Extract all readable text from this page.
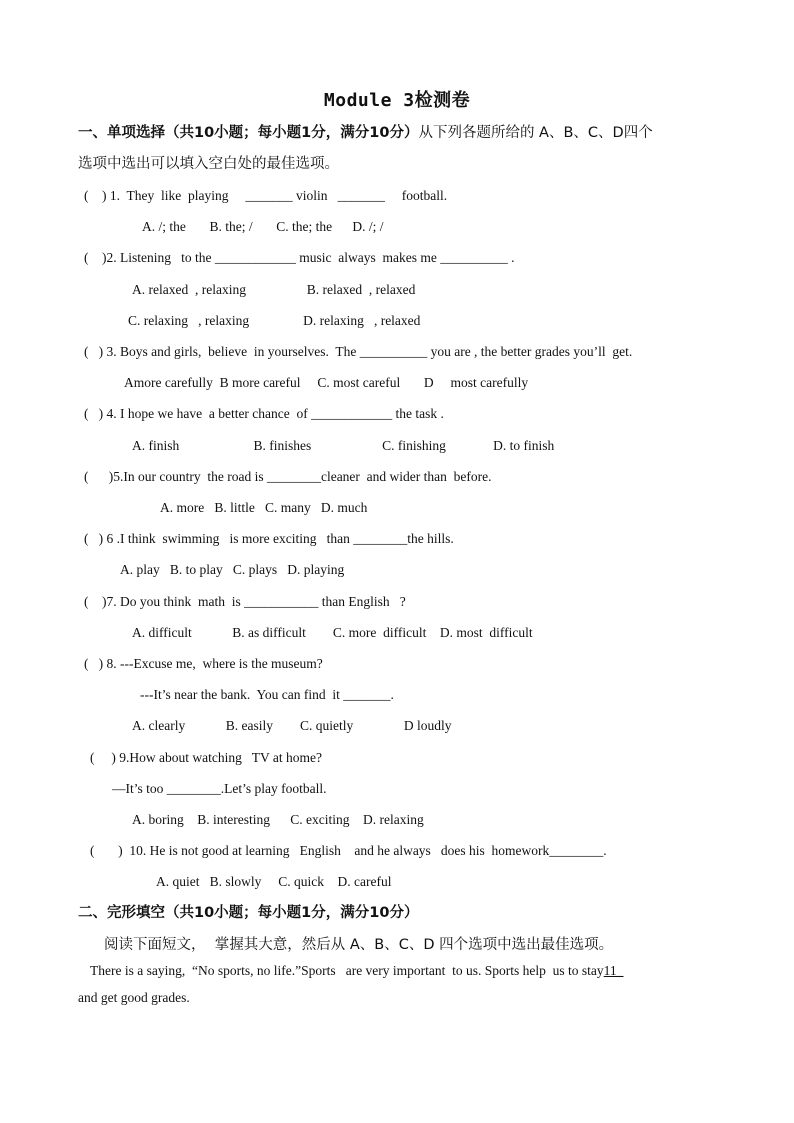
Module 3检测卷
一、单项选择（共10小题；每小题1分，满分10分）从下列各题所给的 A、B、C、D四个
选项中选出可以填入空白处的最佳选项。
(    ) 1.  They  like  playing     _______ violin   _______     football.
A. /; the       B. the; /       C. the; the      D. /; /
(    )2. Listening   to the ____________ music  always  makes me __________ .
A. relaxed  , relaxing                  B. relaxed  , relaxed
C. relaxing   , relaxing                D. relaxing   , relaxed
(   ) 3. Boys and girls,  believe  in yourselves.  The __________ you are , the better grades you’ll  get.
Amore carefully  B more careful     C. most careful       D     most carefully
(   ) 4. I hope we have  a better chance  of ____________ the task .
A. finish                      B. finishes                     C. finishing              D. to finish
(      )5.In our country  the road is ________cleaner  and wider than  before.
A. more   B. little   C. many   D. much
(   ) 6 .I think  swimming   is more exciting   than ________the hills.
A. play   B. to play   C. plays   D. playing
(    )7. Do you think  math  is ___________ than English   ?
A. difficult            B. as difficult        C. more  difficult    D. most  difficult
(   ) 8. ---Excuse me,  where is the museum?
---It’s near the bank.  You can find  it _______.
A. clearly            B. easily        C. quietly               D loudly
(     ) 9.How about watching   TV at home?
—It’s too ________.Let’s play football.
A. boring    B. interesting      C. exciting    D. relaxing
(       )  10. He is not good at learning   English    and he always   does his  homework________.
A. quiet   B. slowly     C. quick    D. careful
二、完形填空（共10小题；每小题1分，满分10分）
阅读下面短文，  掌握其大意，然后从 A、B、C、D 四个选项中选出最佳选项。
There is a saying,  “No sports, no life.”Sports   are very important  to us. Sports help  us to stay11_
and get good grades.
